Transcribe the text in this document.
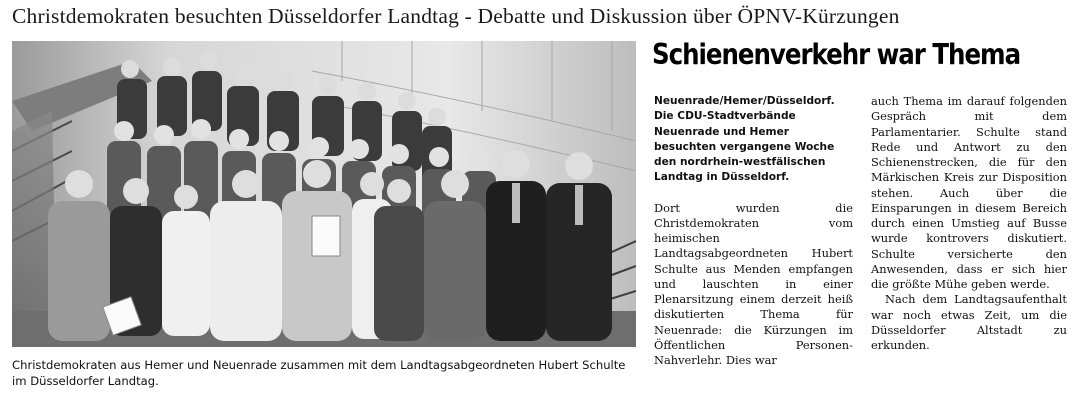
Christdemokraten besuchten Düsseldorfer Landtag - Debatte und Diskussion über ÖPNV-Kürzungen
Schienenverkehr war Thema

Christdemokraten aus Hemer und Neuenrade zusammen mit dem Landtagsabgeordneten Hubert Schulte im Düsseldorfer Landtag.

Neuenrade/Hemer/Düsseldorf. Die CDU-Stadtverbände Neuenrade und Hemer besuchten vergangene Woche den nordrhein-westfälischen Landtag in Düsseldorf.

Dort wurden die Christdemokraten vom heimischen Landtagsabgeordneten Hubert Schulte aus Menden empfangen und lauschten in einer Plenarsitzung einem derzeit heiß diskutierten Thema für Neuenrade: die Kürzungen im Öffentlichen Personen-Nahverlehr. Dies war

auch Thema im darauf folgenden Gespräch mit dem Parlamentarier. Schulte stand Rede und Antwort zu den Schienenstrecken, die für den Märkischen Kreis zur Disposition stehen. Auch über die Einsparungen in diesem Bereich durch einen Umstieg auf Busse wurde kontrovers diskutiert. Schulte versicherte den Anwesenden, dass er sich hier die größte Mühe geben werde.

Nach dem Landtagsaufenthalt war noch etwas Zeit, um die Düsseldorfer Altstadt zu erkunden.
